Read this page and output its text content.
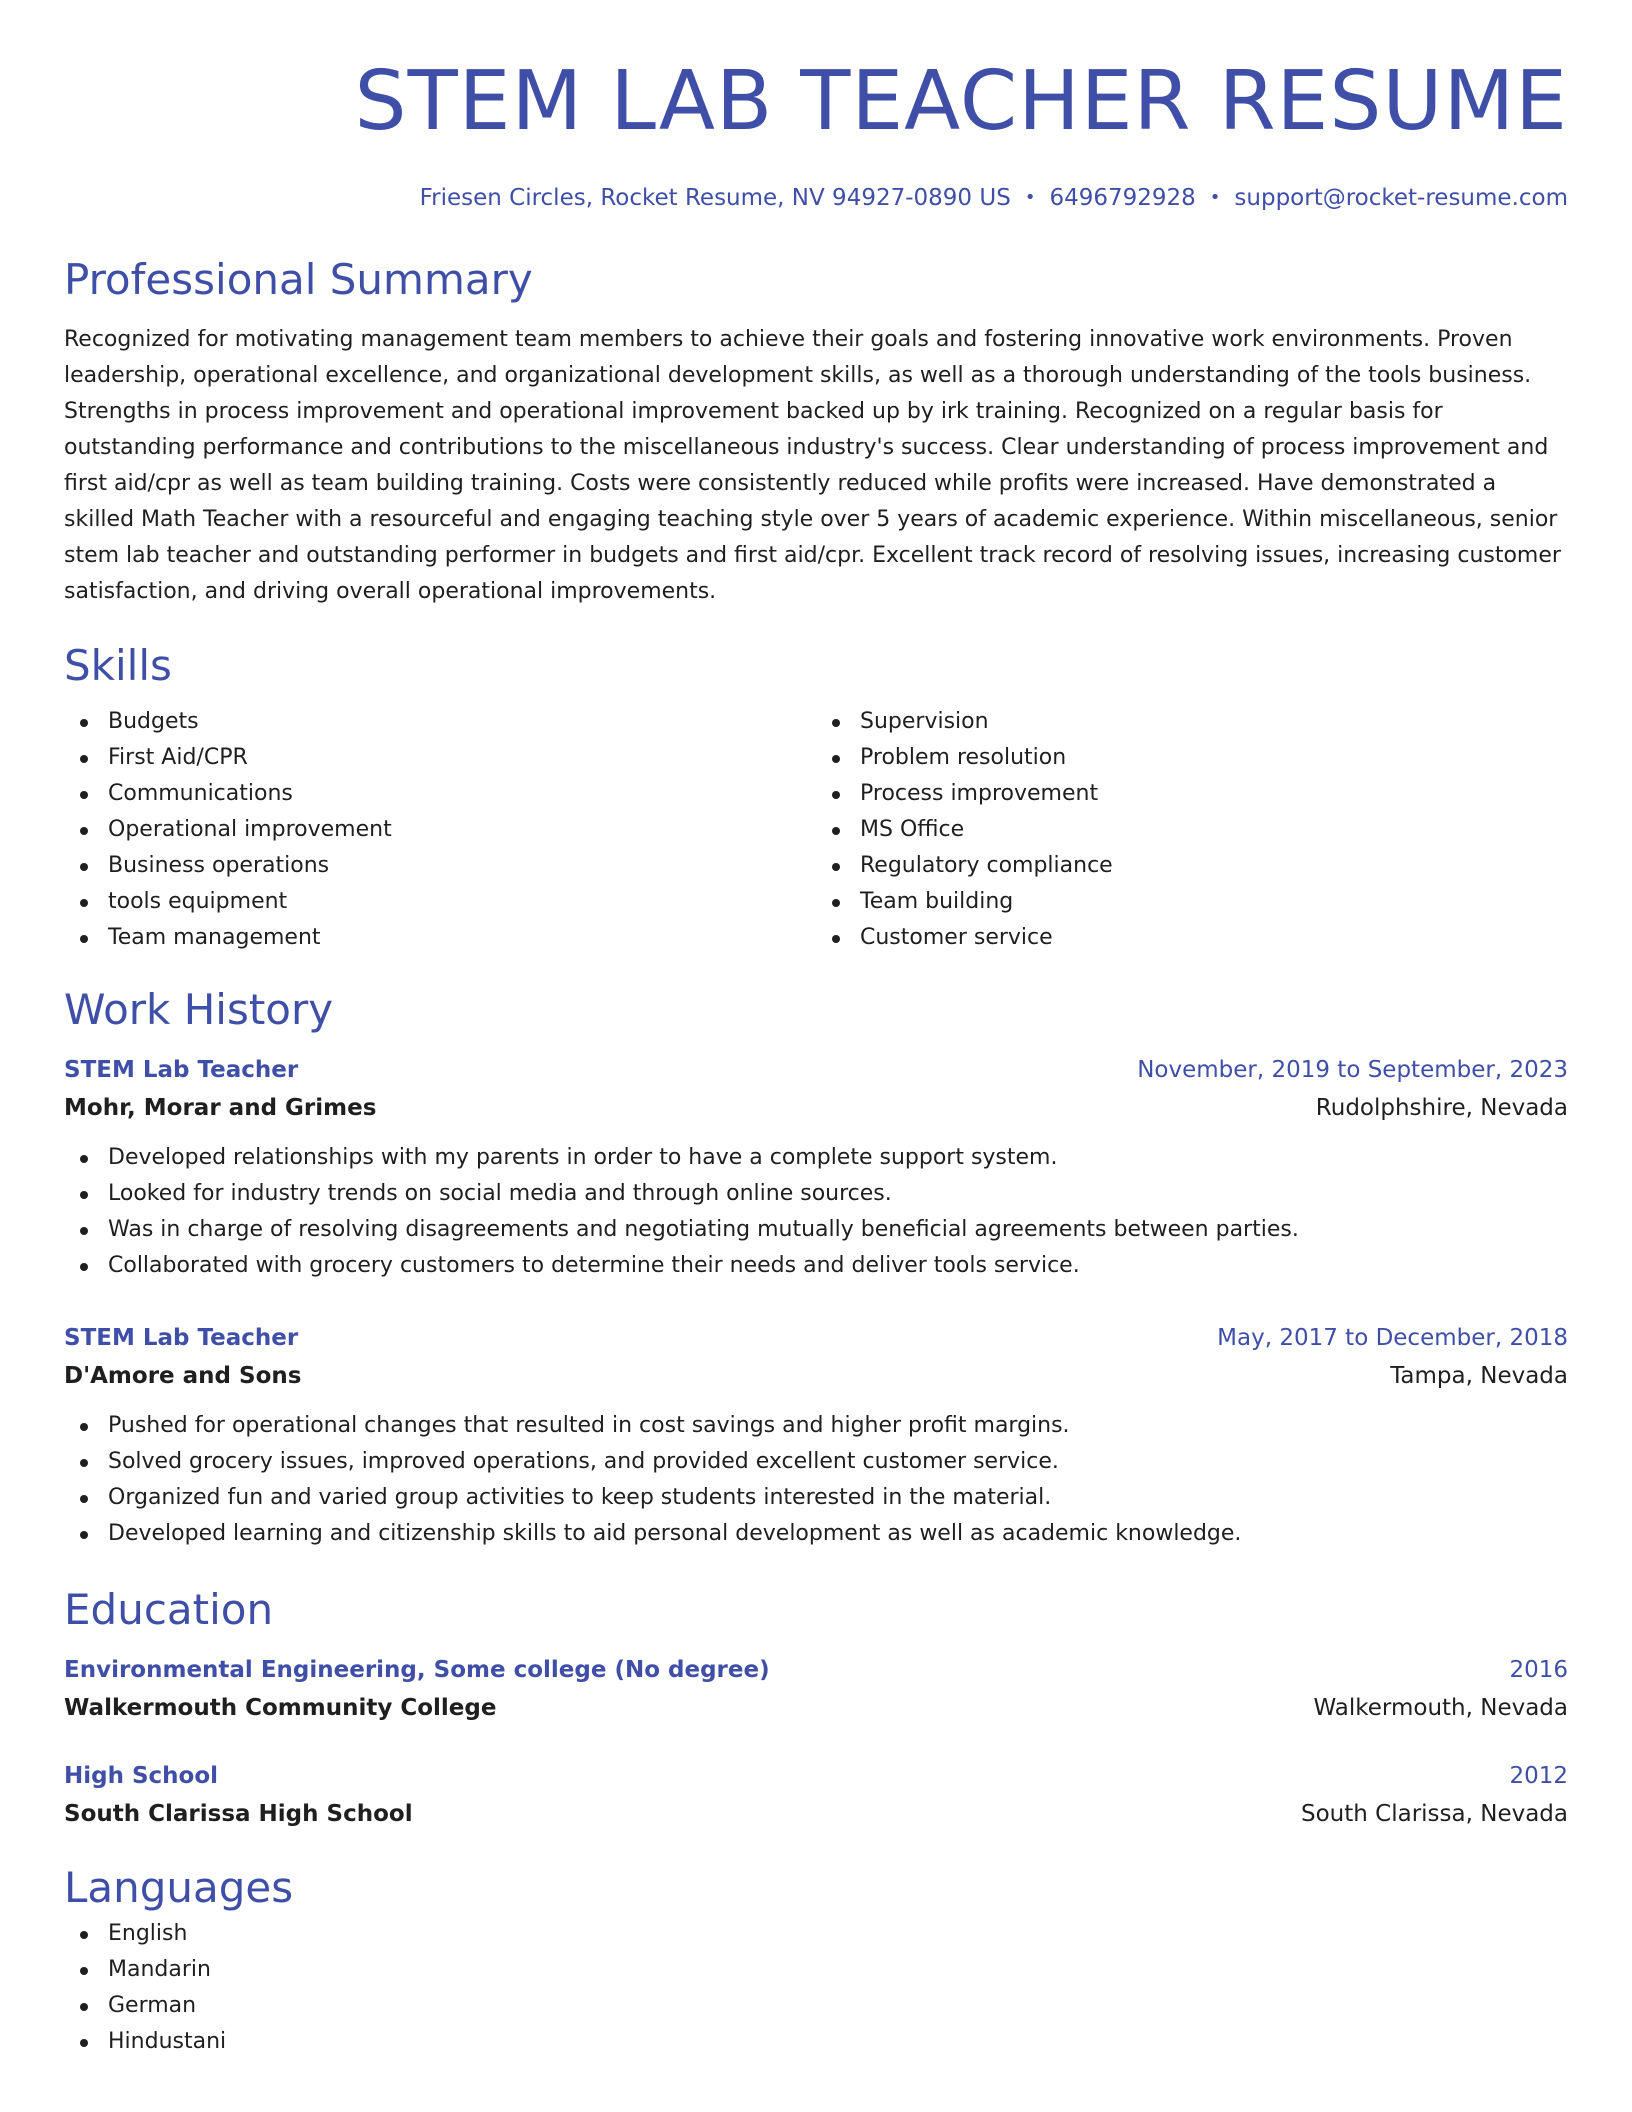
STEM LAB TEACHER RESUME
Friesen Circles, Rocket Resume, NV 94927-0890 US • 6496792928 • support@rocket-resume.com
Professional Summary

Recognized for motivating management team members to achieve their goals and fostering innovative work environments. Proven leadership, operational excellence, and organizational development skills, as well as a thorough understanding of the tools business. Strengths in process improvement and operational improvement backed up by irk training. Recognized on a regular basis for outstanding performance and contributions to the miscellaneous industry's success. Clear understanding of process improvement and first aid/cpr as well as team building training. Costs were consistently reduced while profits were increased. Have demonstrated a skilled Math Teacher with a resourceful and engaging teaching style over 5 years of academic experience. Within miscellaneous, senior stem lab teacher and outstanding performer in budgets and first aid/cpr. Excellent track record of resolving issues, increasing customer satisfaction, and driving overall operational improvements.

Skills
Budgets
First Aid/CPR
Communications
Operational improvement
Business operations
tools equipment
Team management
Supervision
Problem resolution
Process improvement
MS Office
Regulatory compliance
Team building
Customer service
Work History
STEM Lab Teacher	November, 2019 to September, 2023
Mohr, Morar and Grimes	Rudolphshire, Nevada
Developed relationships with my parents in order to have a complete support system.
Looked for industry trends on social media and through online sources.
Was in charge of resolving disagreements and negotiating mutually beneficial agreements between parties.
Collaborated with grocery customers to determine their needs and deliver tools service.
STEM Lab Teacher	May, 2017 to December, 2018
D'Amore and Sons	Tampa, Nevada
Pushed for operational changes that resulted in cost savings and higher profit margins.
Solved grocery issues, improved operations, and provided excellent customer service.
Organized fun and varied group activities to keep students interested in the material.
Developed learning and citizenship skills to aid personal development as well as academic knowledge.
Education
Environmental Engineering, Some college (No degree)	2016
Walkermouth Community College	Walkermouth, Nevada
High School	2012
South Clarissa High School	South Clarissa, Nevada
Languages
English
Mandarin
German
Hindustani
